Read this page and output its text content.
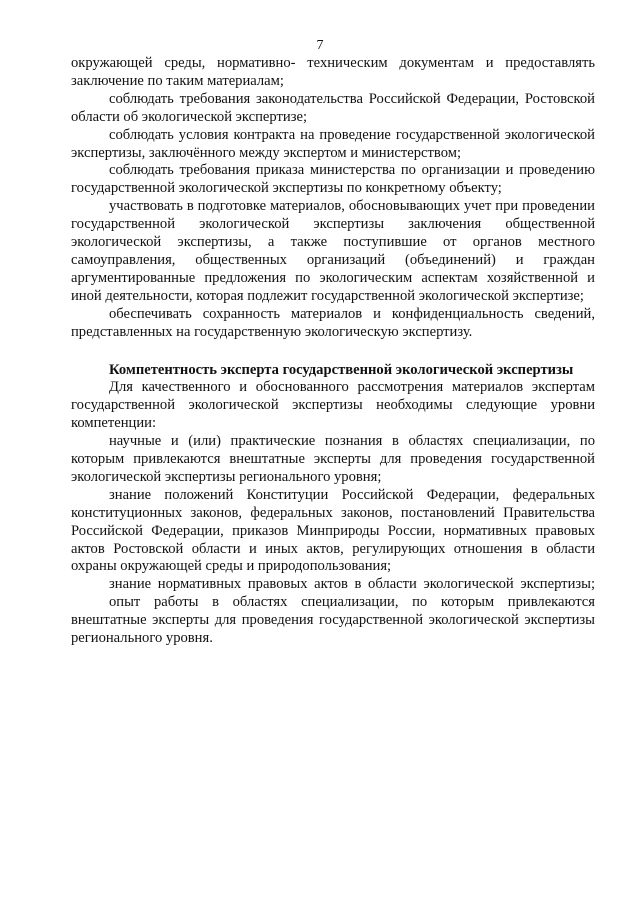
7

окружающей среды, нормативно- техническим документам и предоставлять заключение по таким материалам;

соблюдать требования законодательства Российской Федерации, Ростовской области об экологической экспертизе;

соблюдать условия контракта на проведение государственной экологической экспертизы, заключённого между экспертом и министерством;

соблюдать требования приказа министерства по организации и проведению государственной экологической экспертизы по конкретному объекту;

участвовать в подготовке материалов, обосновывающих учет при проведении государственной экологической экспертизы заключения общественной экологической экспертизы, а также поступившие от органов местного самоуправления, общественных организаций (объединений) и граждан аргументированные предложения по экологическим аспектам хозяйственной и иной деятельности, которая подлежит государственной экологической экспертизе;

обеспечивать сохранность материалов и конфиденциальность сведений, представленных на государственную экологическую экспертизу.

Компетентность эксперта государственной экологической экспертизы

Для качественного и обоснованного рассмотрения материалов экспертам государственной экологической экспертизы необходимы следующие уровни компетенции:

научные и (или) практические познания в областях специализации, по которым привлекаются внештатные эксперты для проведения государственной экологической экспертизы регионального уровня;

знание положений Конституции Российской Федерации, федеральных конституционных законов, федеральных законов, постановлений Правительства Российской Федерации, приказов Минприроды России, нормативных правовых актов Ростовской области и иных актов, регулирующих отношения в области охраны окружающей среды и природопользования;

знание нормативных правовых актов в области экологической экспертизы;

опыт работы в областях специализации, по которым привлекаются внештатные эксперты для проведения государственной экологической экспертизы регионального уровня.
